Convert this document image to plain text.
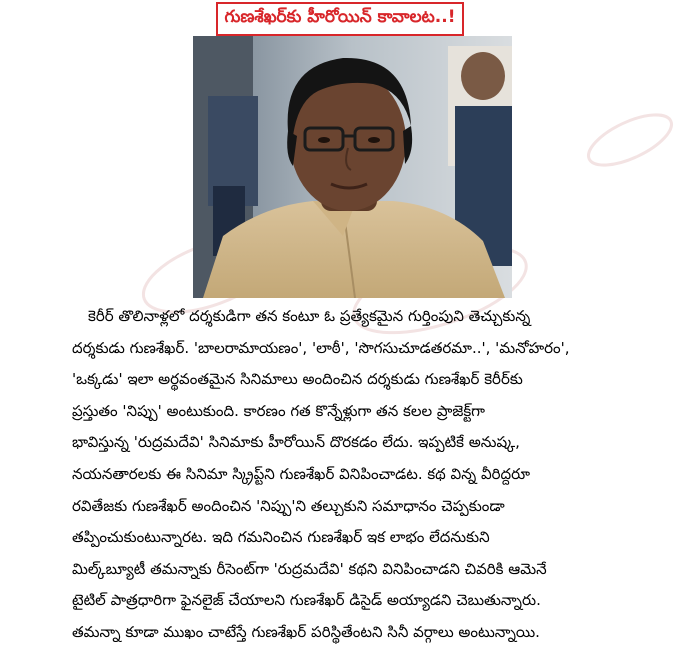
గుణశేఖర్‌కు హీరోయిన్ కావాలట..!
కెరీర్ తొలినాళ్లలో దర్శకుడిగా తన కంటూ ఓ ప్రత్యేకమైన గుర్తింపుని తెచ్చుకున్న
దర్శకుడు గుణశేఖర్. 'బాలరామాయణం', 'లాఠీ', 'సొగసుచూడతరమా..', 'మనోహరం',
'ఒక్కడు' ఇలా అర్థవంతమైన సినిమాలు అందించిన దర్శకుడు గుణశేఖర్ కెరీర్‌కు
ప్రస్తుతం 'నిప్పు' అంటుకుంది. కారణం గత కొన్నేళ్లుగా తన కలల ప్రాజెక్ట్‌గా
భావిస్తున్న 'రుద్రమదేవి' సినిమాకు హీరోయిన్ దొరకడం లేదు. ఇప్పటికే అనుష్క,
నయనతారలకు ఈ సినిమా స్క్రిప్ట్‌ని గుణశేఖర్ వినిపించాడట. కథ విన్న వీరిద్దరూ
రవితేజకు గుణశేఖర్ అందించిన 'నిప్పు'ని తల్చుకుని సమాధానం చెప్పకుండా
తప్పించుకుంటున్నారట. ఇది గమనించిన గుణశేఖర్ ఇక లాభం లేదనుకుని
మిల్క్‌బ్యూటీ తమన్నాకు రీసెంట్‌గా 'రుద్రమదేవి' కథని వినిపించాడని చివరికి ఆమెనే
టైటిల్ పాత్రధారిగా ఫైనలైజ్ చేయాలని గుణశేఖర్ డిసైడ్ అయ్యాడని చెబుతున్నారు.
తమన్నా కూడా ముఖం చాటేస్తే గుణశేఖర్ పరిస్థితేంటని సినీ వర్గాలు అంటున్నాయి.
